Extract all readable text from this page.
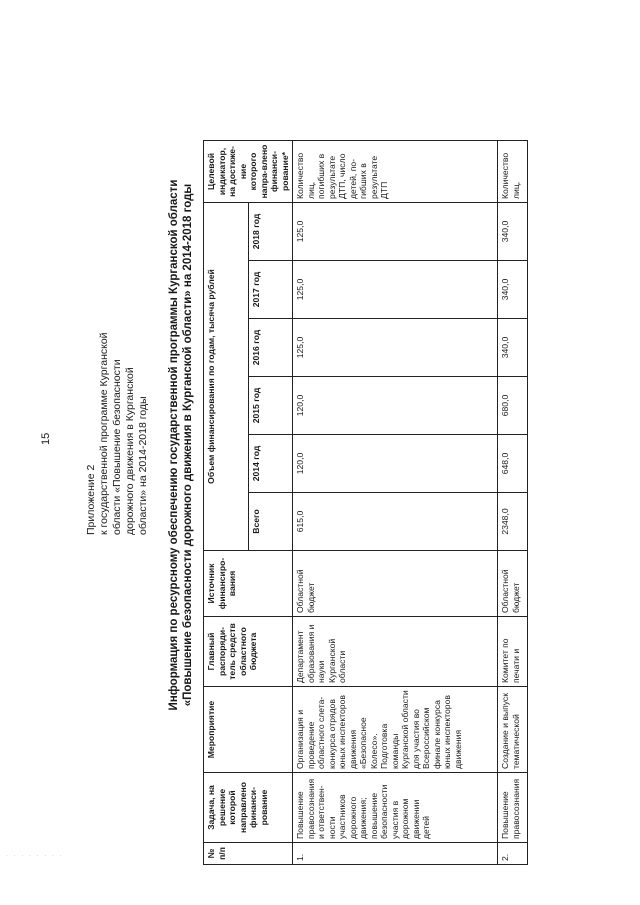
15
Приложение 2 к государственной программе Курганской области «Повышение безопасности дорожного движения в Курганской области» на 2014-2018 годы Информация по ресурсному обеспечению государственной программы Курганской области «Повышение безопасности дорожного движения в Курганской области» на 2014-2018 годы
№ п/п	Задача, на решение которой направлено финанси-рование	Мероприятие	Главный распоряди-тель средств областного бюджета	Источник финансиро-вания	Объем финансирования по годам, тысяча рублей						Целевой индикатор, на достиже-ние которого напра-влено финанси-рование*
					Всего	2014 год	2015 год	2016 год	2017 год	2018 год	
1.	Повышение правосознания и ответствен-ности участников дорожного движения; повышение безопасности участия в дорожном движении детей	Организация и проведение областного слета-конкурса отрядов юных инспекторов движения «Безопасное Колесо». Подготовка команды Курганской области для участия во Всероссийском финале конкурса юных инспекторов движения	Департамент образования и науки Курганской области	Областной бюджет	615,0	120,0	120,0	125,0	125,0	125,0	Количество лиц, погибших в результате ДТП, число детей, по-гибших в результате ДТП
2.	Повышение правосознания	Создание и выпуск тематической	Комитет по печати и	Областной бюджет	2348,0	648,0	680,0	340,0	340,0	340,0	Количество лиц,
· · · · · · · ·
